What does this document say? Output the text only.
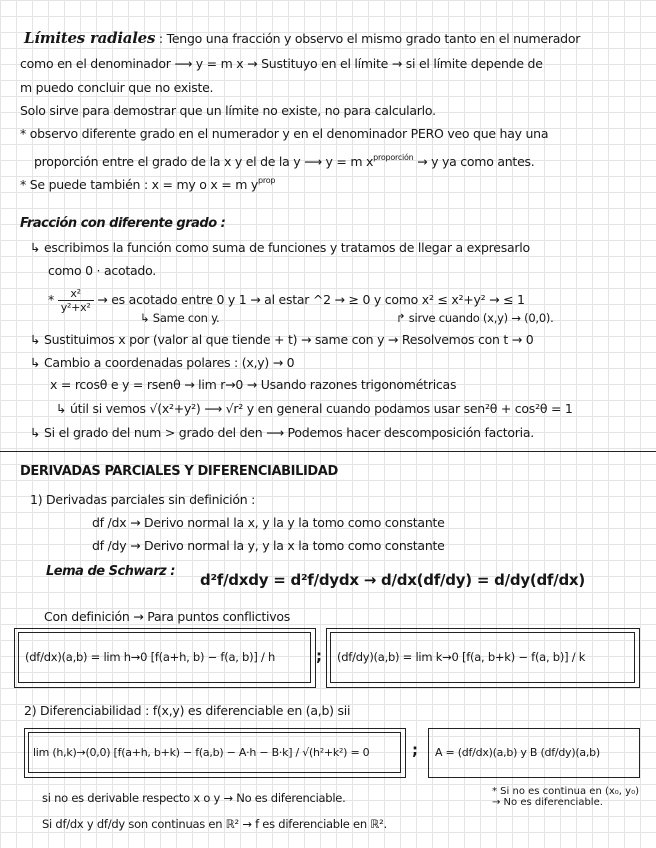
Límites radiales : Tengo una fracción y observo el mismo grado tanto en el numerador
como en el denominador ⟶ y = m x → Sustituyo en el límite → si el límite depende de
m puedo concluir que no existe.
Solo sirve para demostrar que un límite no existe, no para calcularlo.
* observo diferente grado en el numerador y en el denominador PERO veo que hay una
proporción entre el grado de la x y el de la y ⟶ y = m $x^{proporción} \to y$ ya como antes.
* Se puede también : x = my o x = m $y^{prop}$
Fracción con diferente grado :
↳ escribimos la función como suma de funciones y tratamos de llegar a expresarlo
como 0 · acotado.
* $\frac{\text{x²}}{\text{y²+x²}}$ → es acotado entre 0 y 1 → al estar ^2 → ≥ 0 y como x² ≤ x²+y² → ≤ 1
↳ Same con y.	↱ sirve cuando (x,y) → (0,0).
↳ Sustituimos x por (valor al que tiende + t) → same con y → Resolvemos con t → 0
↳ Cambio a coordenadas polares : (x,y) → 0
x = rcosθ e y = rsenθ → lim r→0 → Usando razones trigonométricas
↳ útil si vemos √(x²+y²) ⟶ √r² y en general cuando podamos usar sen²θ + cos²θ = 1
↳ Si el grado del num > grado del den ⟶ Podemos hacer descomposición factoria.
DERIVADAS PARCIALES Y DIFERENCIABILIDAD
1) Derivadas parciales sin definición :
df /dx → Derivo normal la x, y la y la tomo como constante
df /dy → Derivo normal la y, y la x la tomo como constante
Lema de Schwarz : d²f/dxdy = d²f/dydx → d/dx(df/dy) = d/dy(df/dx)
Con definición → Para puntos conflictivos
(df/dx)(a,b) = lim h→0 [f(a+h, b) − f(a, b)] / h	; (df/dy)(a,b) = lim k→0 [f(a, b+k) − f(a, b)] / k
2) Diferenciabilidad : f(x,y) es diferenciable en (a,b) sii
lim (h,k)→(0,0) [f(a+h, b+k) − f(a,b) − A·h − B·k] / √(h²+k²) = 0	; A = (df/dx)(a,b) y B (df/dy)(a,b)
si no es derivable respecto x o y → No es diferenciable.	* Si no es continua en (x₀, y₀) → No es diferenciable.
Si df/dx y df/dy son continuas en ℝ² → f es diferenciable en ℝ².
